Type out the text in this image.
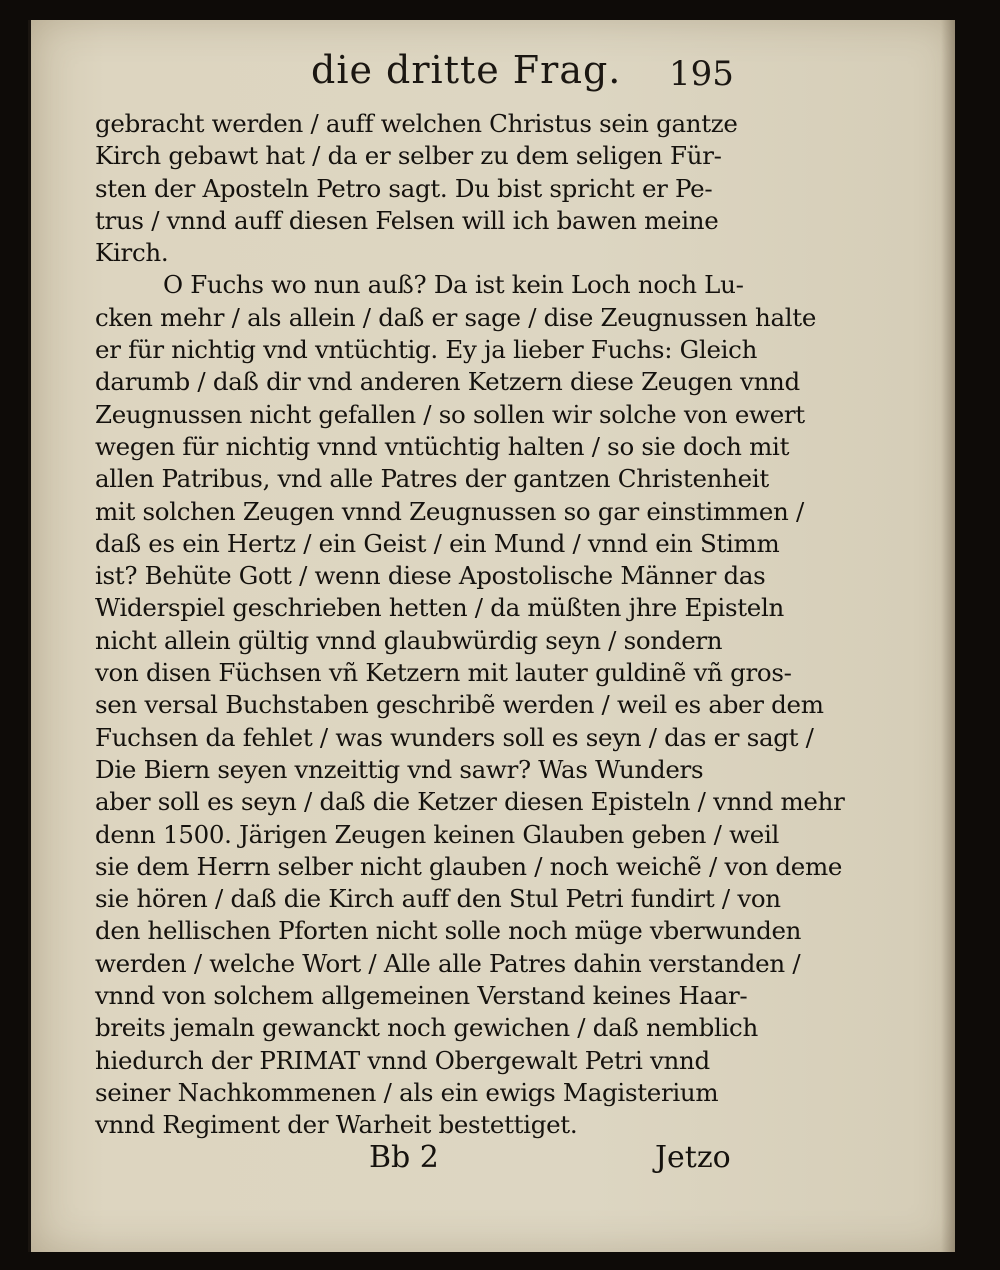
die dritte Frag. 195
gebracht werden / auff welchen Christus sein gantze
Kirch gebawt hat / da er selber zu dem seligen Für-
sten der Aposteln Petro sagt. Du bist spricht er Pe-
trus / vnnd auff diesen Felsen will ich bawen meine
Kirch.
O Fuchs wo nun auß? Da ist kein Loch noch Lu-
cken mehr / als allein / daß er sage / dise Zeugnussen halte
er für nichtig vnd vntüchtig. Ey ja lieber Fuchs: Gleich
darumb / daß dir vnd anderen Ketzern diese Zeugen vnnd
Zeugnussen nicht gefallen / so sollen wir solche von ewert
wegen für nichtig vnnd vntüchtig halten / so sie doch mit
allen Patribus, vnd alle Patres der gantzen Christenheit
mit solchen Zeugen vnnd Zeugnussen so gar einstimmen /
daß es ein Hertz / ein Geist / ein Mund / vnnd ein Stimm
ist? Behüte Gott / wenn diese Apostolische Männer das
Widerspiel geschrieben hetten / da müßten jhre Episteln
nicht allein gültig vnnd glaubwürdig seyn / sondern
von disen Füchsen vñ Ketzern mit lauter guldinẽ vñ gros-
sen versal Buchstaben geschribẽ werden / weil es aber dem
Fuchsen da fehlet / was wunders soll es seyn / das er sagt /
Die Biern seyen vnzeittig vnd sawr? Was Wunders
aber soll es seyn / daß die Ketzer diesen Episteln / vnnd mehr
denn 1500. Järigen Zeugen keinen Glauben geben / weil
sie dem Herrn selber nicht glauben / noch weichẽ / von deme
sie hören / daß die Kirch auff den Stul Petri fundirt / von
den hellischen Pforten nicht solle noch müge vberwunden
werden / welche Wort / Alle alle Patres dahin verstanden /
vnnd von solchem allgemeinen Verstand keines Haar-
breits jemaln gewanckt noch gewichen / daß nemblich
hiedurch der PRIMAT vnnd Obergewalt Petri vnnd
seiner Nachkommenen / als ein ewigs Magisterium
vnnd Regiment der Warheit bestettiget.
Bb 2	Jetzo
